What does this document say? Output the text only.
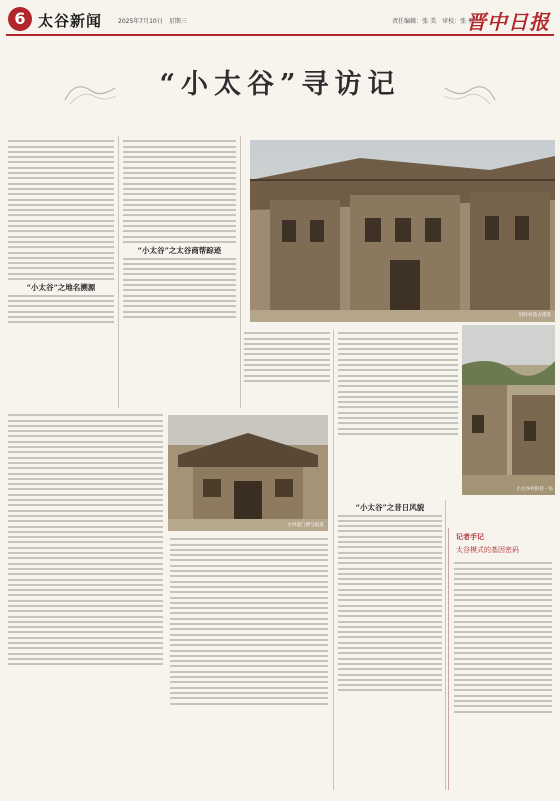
6 太谷新闻	2025年7月10日　星期三	责任编辑：张 美　审校：张 美
晋中日报
“小太谷”寻访记
旧时村落古建筑
古村落门楼与院落
小太谷村街巷一角
“小太谷”之地名溯源
“小太谷”之太谷商帮踪迹
“小太谷”之昔日风貌
记者手记
太谷模式的基因密码
